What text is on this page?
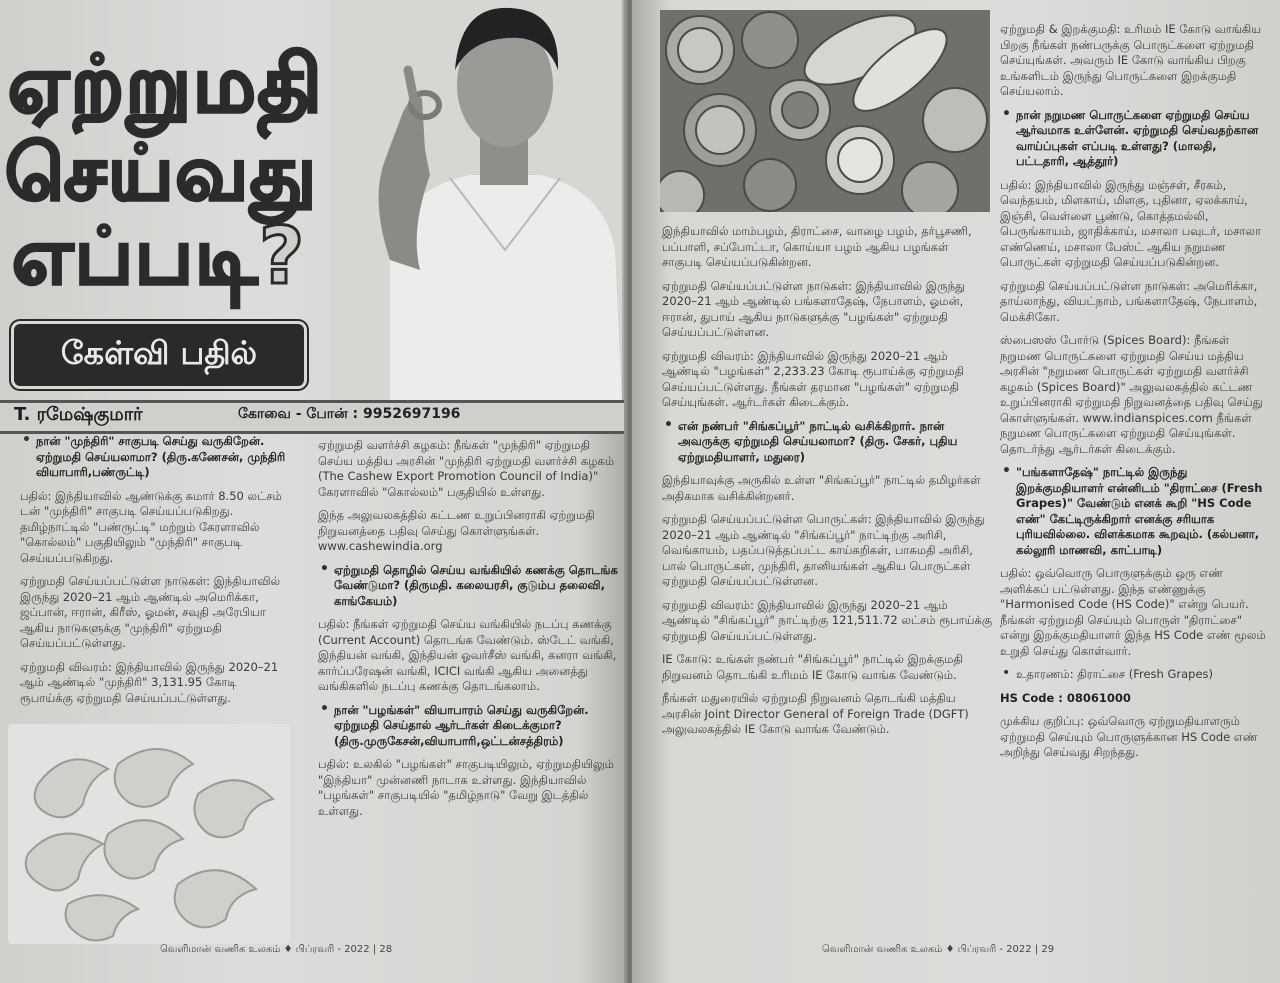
ஏற்றுமதி
செய்வது
எப்படி?
கேள்வி பதில்
T. ரமேஷ்குமார்	கோவை - போன் : 9952697196

• நான் "முந்திரி" சாகுபடி செய்து வருகிறேன். ஏற்றுமதி செய்யலாமா? (திரு.கணேசன், முந்திரி வியாபாரி,பண்ருட்டி)

பதில்: இந்தியாவில் ஆண்டுக்கு சுமார் 8.50 லட்சம் டன் "முந்திரி" சாகுபடி செய்யப்படுகிறது. தமிழ்நாட்டில் "பண்ருட்டி" மற்றும் கேரளாவில் "கொல்லம்" பகுதியிலும் "முந்திரி" சாகுபடி செய்யப்படுகிறது.

ஏற்றுமதி செய்யப்பட்டுள்ள நாடுகள்: இந்தியாவில் இருந்து 2020–21 ஆம் ஆண்டில் அமெரிக்கா, ஜப்பான், ஈரான், கிரீஸ், ஓமன், சவுதி அரேபியா ஆகிய நாடுகளுக்கு "முந்திரி" ஏற்றுமதி செய்யப்பட்டுள்ளது.

ஏற்றுமதி விவரம்: இந்தியாவில் இருந்து 2020–21 ஆம் ஆண்டில் "முந்திரி" 3,131.95 கோடி ரூபாய்க்கு ஏற்றுமதி செய்யப்பட்டுள்ளது.

ஏற்றுமதி வளர்ச்சி கழகம்: நீங்கள் "முந்திரி" ஏற்றுமதி செய்ய மத்திய அரசின் "முந்திரி ஏற்றுமதி வளர்ச்சி கழகம் (The Cashew Export Promotion Council of India)" கேரளாவில் "கொல்லம்" பகுதியில் உள்ளது.

இந்த அலுவலகத்தில் கட்டண உறுப்பினராகி ஏற்றுமதி நிறுவனத்தை பதிவு செய்து கொள்ளுங்கள். www.cashewindia.org

• ஏற்றுமதி தொழில் செய்ய வங்கியில் கணக்கு தொடங்க வேண்டுமா? (திருமதி. கலையரசி, குடும்ப தலைவி, காங்கேயம்)

பதில்: நீங்கள் ஏற்றுமதி செய்ய வங்கியில் நடப்பு கணக்கு (Current Account) தொடங்க வேண்டும். ஸ்டேட் வங்கி, இந்தியன் வங்கி, இந்தியன் ஓவர்சீஸ் வங்கி, கனரா வங்கி, கார்ப்பரேஷன் வங்கி, ICICI வங்கி ஆகிய அனைத்து வங்கிகளில் நடப்பு கணக்கு தொடங்கலாம்.

• நான் "பழங்கள்" வியாபாரம் செய்து வருகிறேன். ஏற்றுமதி செய்தால் ஆர்டர்கள் கிடைக்குமா? (திரு.முருகேசன்,வியாபாரி,ஒட்டன்சத்திரம்)

பதில்: உலகில் "பழங்கள்" சாகுபடியிலும், ஏற்றுமதியிலும் "இந்தியா" முன்னணி நாடாக உள்ளது. இந்தியாவில் "பழங்கள்" சாகுபடியில் "தமிழ்நாடு" வேறு இடத்தில் உள்ளது.

வெளிமான் வணிக உலகம் ♦ பிப்ரவரி - 2022 | 28

இந்தியாவில் மாம்பழம், திராட்சை, வாழை பழம், தர்பூசணி, பப்பாளி, சப்போட்டா, கொய்யா பழம் ஆகிய பழங்கள் சாகுபடி செய்யப்படுகின்றன.

ஏற்றுமதி செய்யப்பட்டுள்ள நாடுகள்: இந்தியாவில் இருந்து 2020–21 ஆம் ஆண்டில் பங்களாதேஷ், நேபாளம், ஓமன், ஈரான், துபாய் ஆகிய நாடுகளுக்கு "பழங்கள்" ஏற்றுமதி செய்யப்பட்டுள்ளன.

ஏற்றுமதி விவரம்: இந்தியாவில் இருந்து 2020–21 ஆம் ஆண்டில் "பழங்கள்" 2,233.23 கோடி ரூபாய்க்கு ஏற்றுமதி செய்யப்பட்டுள்ளது. நீங்கள் தரமான "பழங்கள்" ஏற்றுமதி செய்யுங்கள். ஆர்டர்கள் கிடைக்கும்.

• என் நண்பர் "சிங்கப்பூர்" நாட்டில் வசிக்கிறார். நான் அவருக்கு ஏற்றுமதி செய்யலாமா? (திரு. சேகர், புதிய ஏற்றுமதியாளர், மதுரை)

இந்தியாவுக்கு அருகில் உள்ள "சிங்கப்பூர்" நாட்டில் தமிழர்கள் அதிகமாக வசிக்கின்றனர்.

ஏற்றுமதி செய்யப்பட்டுள்ள பொருட்கள்: இந்தியாவில் இருந்து 2020–21 ஆம் ஆண்டில் "சிங்கப்பூர்" நாட்டிற்கு அரிசி, வெங்காயம், பதப்படுத்தப்பட்ட காய்கறிகள், பாசுமதி அரிசி, பால் பொருட்கள், முந்திரி, தானியங்கள் ஆகிய பொருட்கள் ஏற்றுமதி செய்யப்பட்டுள்ளன.

ஏற்றுமதி விவரம்: இந்தியாவில் இருந்து 2020–21 ஆம் ஆண்டில் "சிங்கப்பூர்" நாட்டிற்கு 121,511.72 லட்சம் ரூபாய்க்கு ஏற்றுமதி செய்யப்பட்டுள்ளது.

IE கோடு: உங்கள் நண்பர் "சிங்கப்பூர்" நாட்டில் இறக்குமதி நிறுவனம் தொடங்கி உரிமம் IE கோடு வாங்க வேண்டும்.

நீங்கள் மதுரையில் ஏற்றுமதி நிறுவனம் தொடங்கி மத்திய அரசின் Joint Director General of Foreign Trade (DGFT) அலுவலகத்தில் IE கோடு வாங்க வேண்டும்.

ஏற்றுமதி & இறக்குமதி: உரிமம் IE கோடு வாங்கிய பிறகு நீங்கள் நண்பருக்கு பொருட்களை ஏற்றுமதி செய்யுங்கள். அவரும் IE கோடு வாங்கிய பிறகு உங்களிடம் இருந்து பொருட்களை இறக்குமதி செய்யலாம்.

• நான் நறுமண பொருட்களை ஏற்றுமதி செய்ய ஆர்வமாக உள்ளேன். ஏற்றுமதி செய்வதற்கான வாய்ப்புகள் எப்படி உள்ளது? (மாலதி, பட்டதாரி, ஆத்தூர்)

பதில்: இந்தியாவில் இருந்து மஞ்சள், சீரகம், வெந்தயம், மிளகாய், மிளகு, புதினா, ஏலக்காய், இஞ்சி, வெள்ளை பூண்டு, கொத்தமல்லி, பெருங்காயம், ஜாதிக்காய், மசாலா பவுடர், மசாலா எண்ணெய், மசாலா பேஸ்ட் ஆகிய நறுமண பொருட்கள் ஏற்றுமதி செய்யப்படுகின்றன.

ஏற்றுமதி செய்யப்பட்டுள்ள நாடுகள்: அமெரிக்கா, தாய்லாந்து, வியட்நாம், பங்களாதேஷ், நேபாளம், மெக்சிகோ.

ஸ்பைஸஸ் போர்டு (Spices Board): நீங்கள் நறுமண பொருட்களை ஏற்றுமதி செய்ய மத்திய அரசின் "நறுமண பொருட்கள் ஏற்றுமதி வளர்ச்சி கழகம் (Spices Board)" அலுவலகத்தில் கட்டண உறுப்பினராகி ஏற்றுமதி நிறுவனத்தை பதிவு செய்து கொள்ளுங்கள். www.indianspices.com நீங்கள் நறுமண பொருட்களை ஏற்றுமதி செய்யுங்கள். தொடர்ந்து ஆர்டர்கள் கிடைக்கும்.

• "பங்களாதேஷ்" நாட்டில் இருந்து இறக்குமதியாளர் என்னிடம் "திராட்சை (Fresh Grapes)" வேண்டும் எனக் கூறி "HS Code எண்" கேட்டிருக்கிறார் எனக்கு சரியாக புரியவில்லை. விளக்கமாக கூறவும். (கல்பனா, கல்லூரி மாணவி, காட்பாடி)

பதில்: ஒவ்வொரு பொருளுக்கும் ஒரு எண் அளிக்கப் பட்டுள்ளது. இந்த எண்ணுக்கு "Harmonised Code (HS Code)" என்று பெயர். நீங்கள் ஏற்றுமதி செய்யும் பொருள் "திராட்சை" என்று இறக்குமதியாளர் இந்த HS Code எண் மூலம் உறுதி செய்து கொள்வார்.

• உதாரணம்: திராட்சை (Fresh Grapes)

HS Code : 08061000

முக்கிய குறிப்பு: ஒவ்வொரு ஏற்றுமதியாளரும் ஏற்றுமதி செய்யும் பொருளுக்கான HS Code எண் அறிந்து செய்வது சிறந்தது.

வெளிமான் வணிக உலகம் ♦ பிப்ரவரி - 2022 | 29
